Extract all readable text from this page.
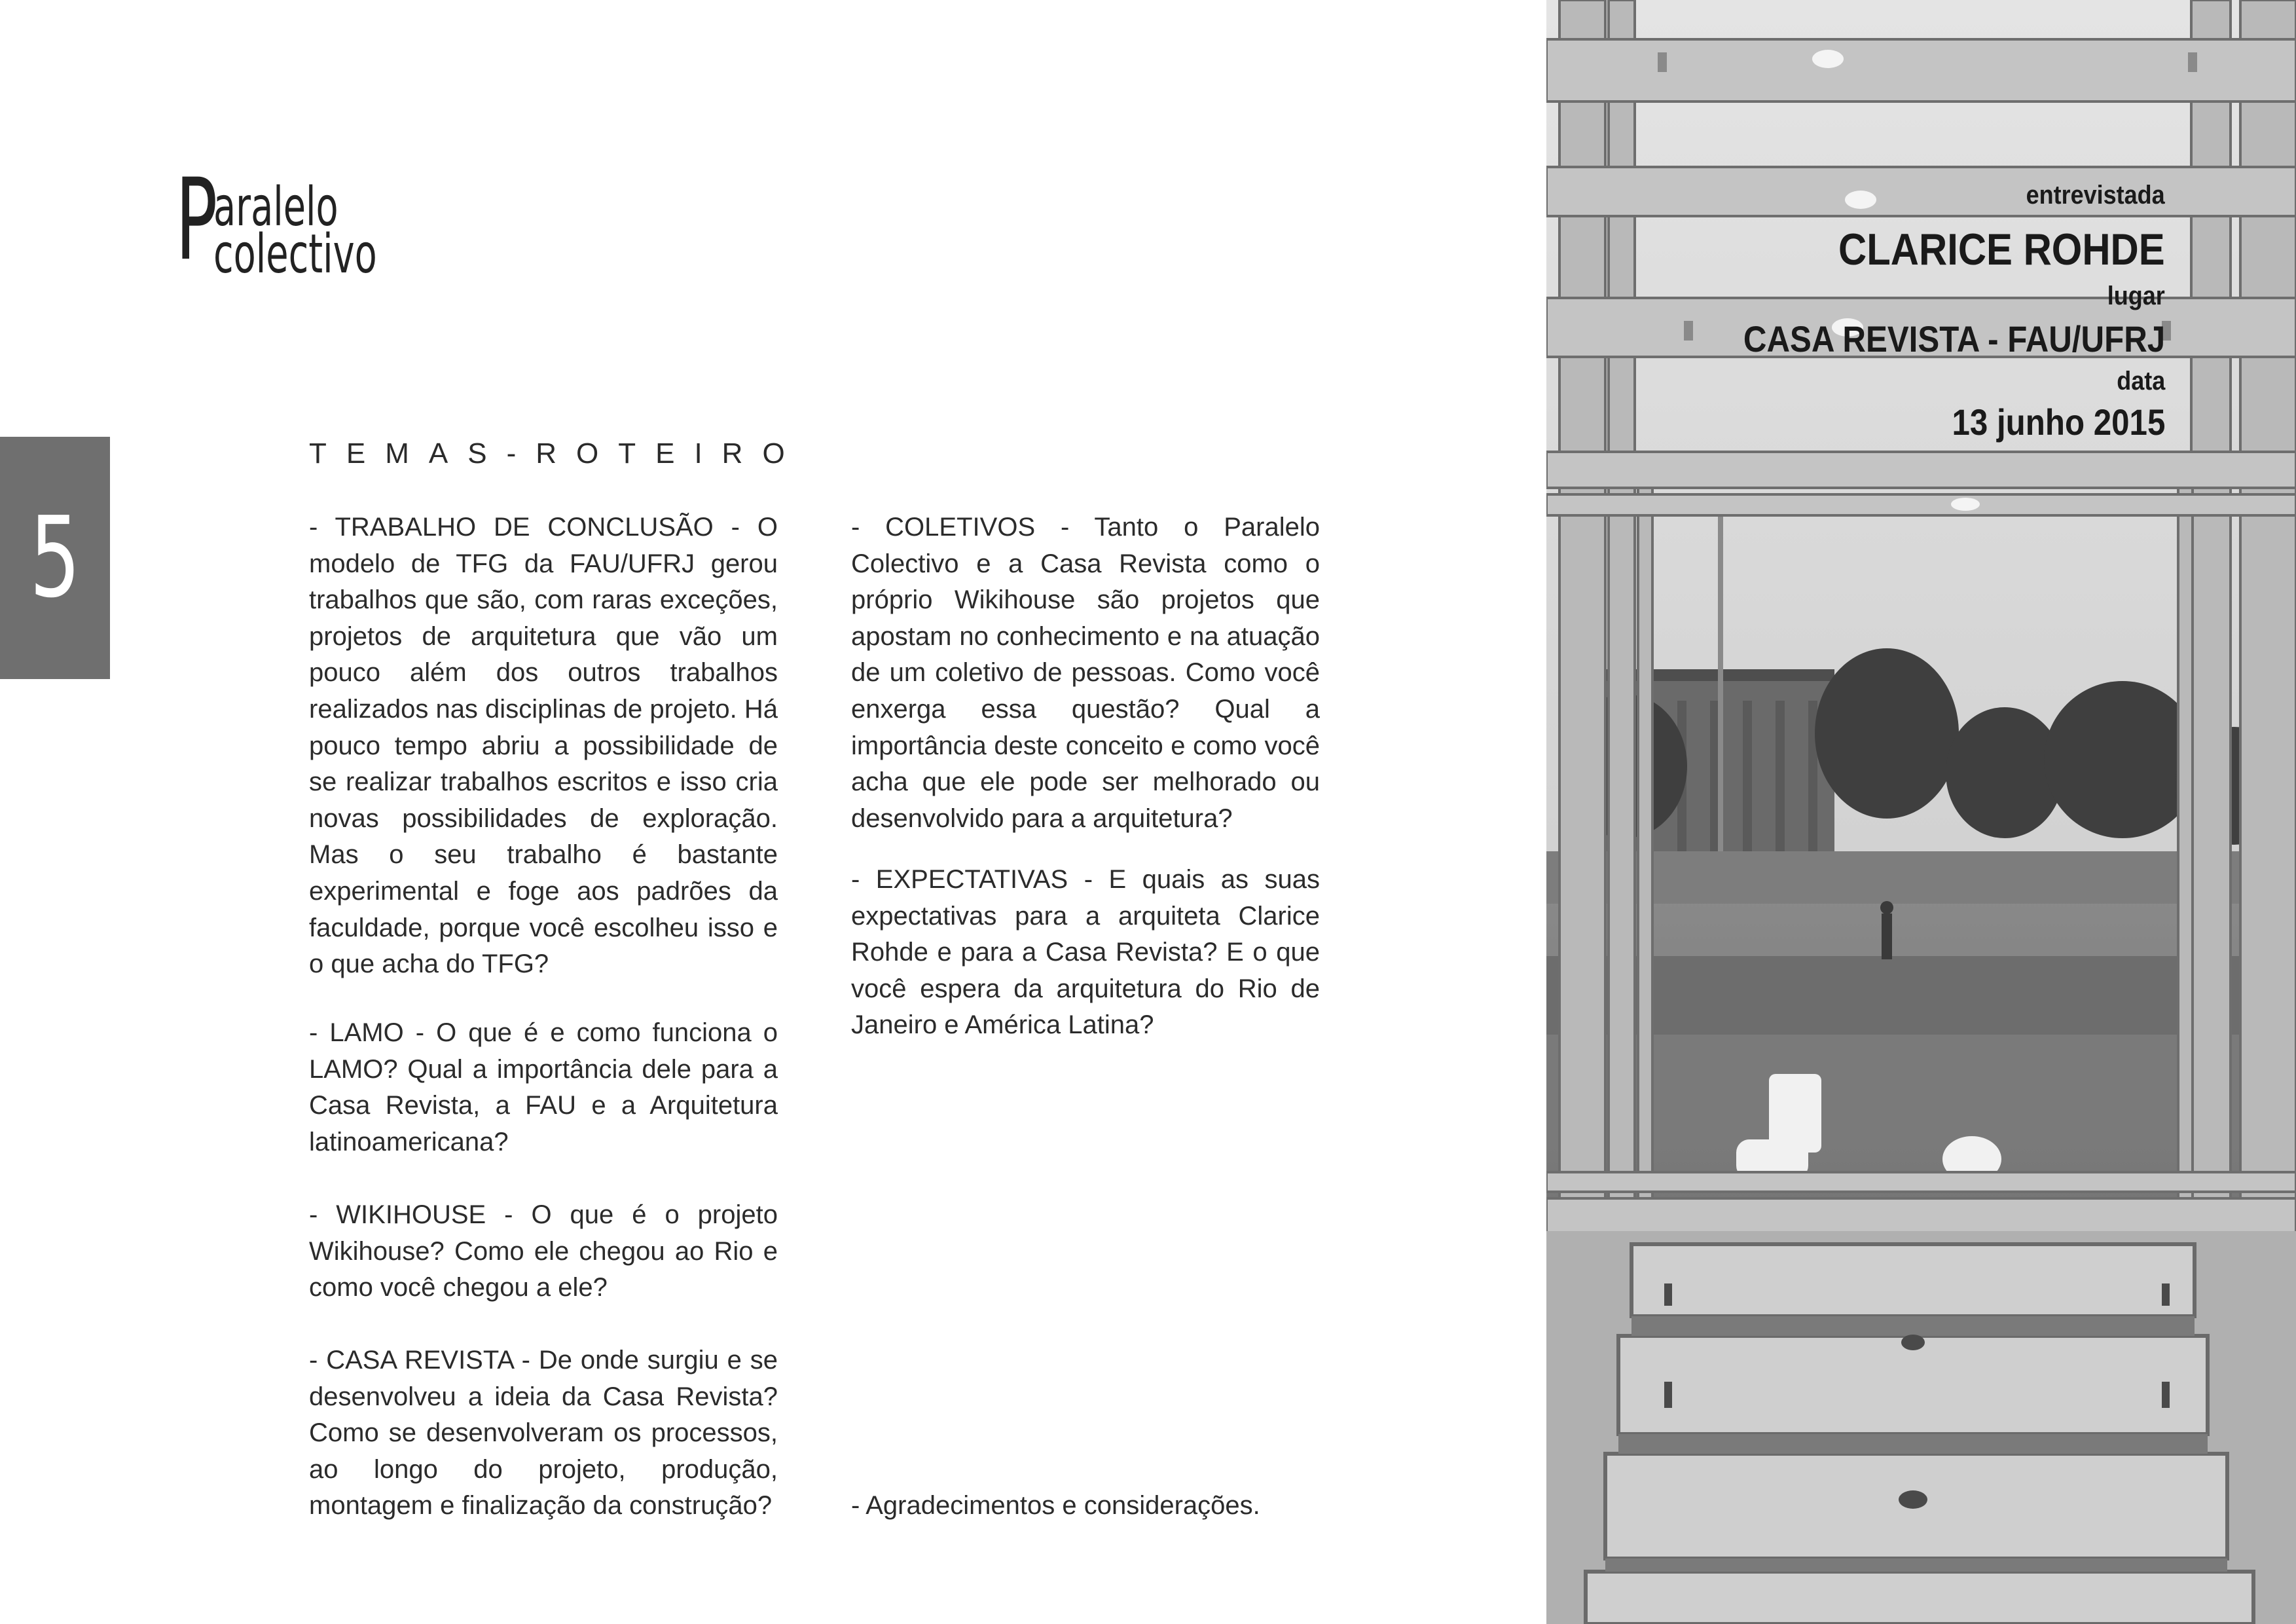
P
aralelo
colectivo
5
TEMAS-ROTEIRO

- TRABALHO DE CONCLUSÃO - O modelo de TFG da FAU/UFRJ gerou trabalhos que são, com raras exceções, projetos de arquitetura que vão um pouco além dos outros trabalhos realizados nas disciplinas de projeto. Há pouco tempo abriu a possibilidade de se realizar trabalhos escritos e isso cria novas possibilidades de exploração. Mas o seu trabalho é bastante experimental e foge aos padrões da faculdade, porque você escolheu isso e o que acha do TFG?

- LAMO - O que é e como funciona o LAMO? Qual a importância dele para a Casa Revista, a FAU e a Arquitetura latinoamericana?

- WIKIHOUSE - O que é o projeto Wikihouse? Como ele chegou ao Rio e como você chegou a ele?

- CASA REVISTA - De onde surgiu e se desenvolveu a ideia da Casa Revista? Como se desenvolveram os processos, ao longo do projeto, produção, montagem e finalização da construção?

- COLETIVOS - Tanto o Paralelo Colectivo e a Casa Revista como o próprio Wikihouse são projetos que apostam no conhecimento e na atuação de um coletivo de pessoas. Como você enxerga essa questão? Qual a importância deste conceito e como você acha que ele pode ser melhorado ou desenvolvido para a arquitetura?

- EXPECTATIVAS - E quais as suas expectativas para a arquiteta Clarice Rohde e para a Casa Revista? E o que você espera da arquitetura do Rio de Janeiro e América Latina?

- Agradecimentos e considerações.

entrevistada
CLARICE ROHDE
lugar
CASA REVISTA - FAU/UFRJ
data
13 junho 2015
